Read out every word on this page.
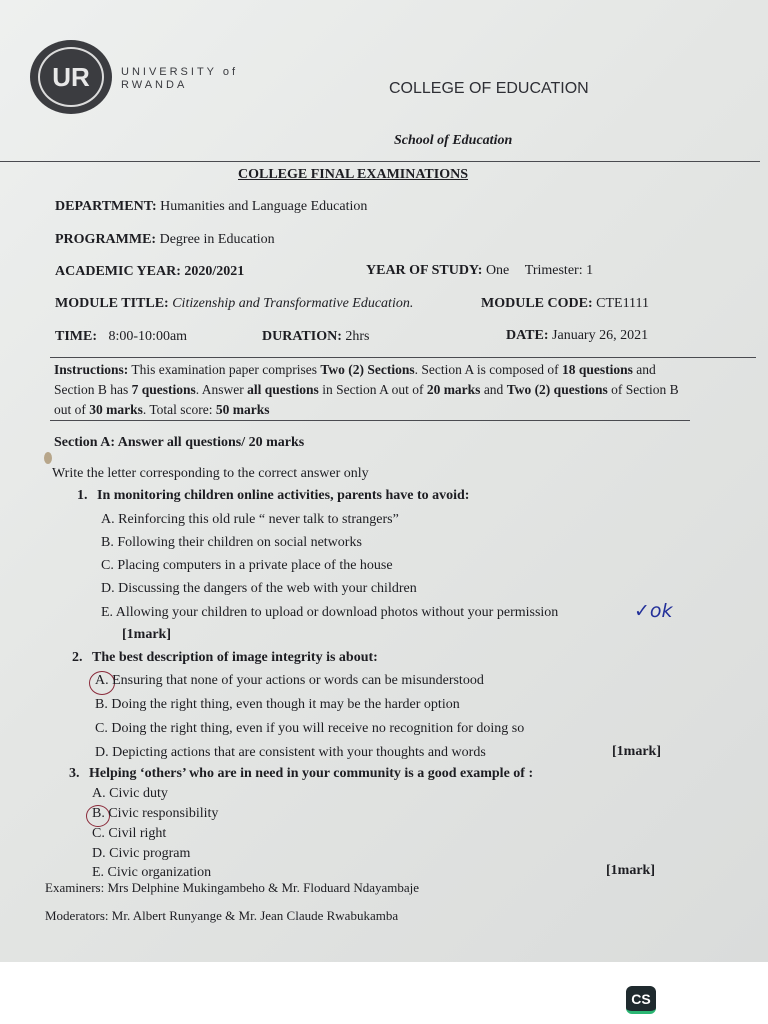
UR	UNIVERSITY of
RWANDA	COLLEGE OF EDUCATION
School of Education
COLLEGE FINAL EXAMINATIONS
DEPARTMENT: Humanities and Language Education
PROGRAMME: Degree in Education
ACADEMIC YEAR: 2020/2021	YEAR OF STUDY: One Trimester: 1
MODULE TITLE: Citizenship and Transformative Education.	MODULE CODE: CTE1111
TIME: 8:00-10:00am	DURATION: 2hrs	DATE: January 26, 2021
Instructions: This examination paper comprises Two (2) Sections. Section A is composed of 18 questions and Section B has 7 questions. Answer all questions in Section A out of 20 marks and Two (2) questions of Section B out of 30 marks. Total score: 50 marks
Section A: Answer all questions/ 20 marks
Write the letter corresponding to the correct answer only
1. In monitoring children online activities, parents have to avoid:
A. Reinforcing this old rule “ never talk to strangers”
B. Following their children on social networks
C. Placing computers in a private place of the house
D. Discussing the dangers of the web with your children
E. Allowing your children to upload or download photos without your permission	✓ok
[1mark]
2. The best description of image integrity is about:
A. Ensuring that none of your actions or words can be misunderstood
B. Doing the right thing, even though it may be the harder option
C. Doing the right thing, even if you will receive no recognition for doing so
D. Depicting actions that are consistent with your thoughts and words	[1mark]
3. Helping ‘others’ who are in need in your community is a good example of :
A. Civic duty
B. Civic responsibility
C. Civil right
D. Civic program
E. Civic organization	[1mark]
Examiners: Mrs Delphine Mukingambeho & Mr. Floduard Ndayambaje
Moderators: Mr. Albert Runyange & Mr. Jean Claude Rwabukamba
CS
